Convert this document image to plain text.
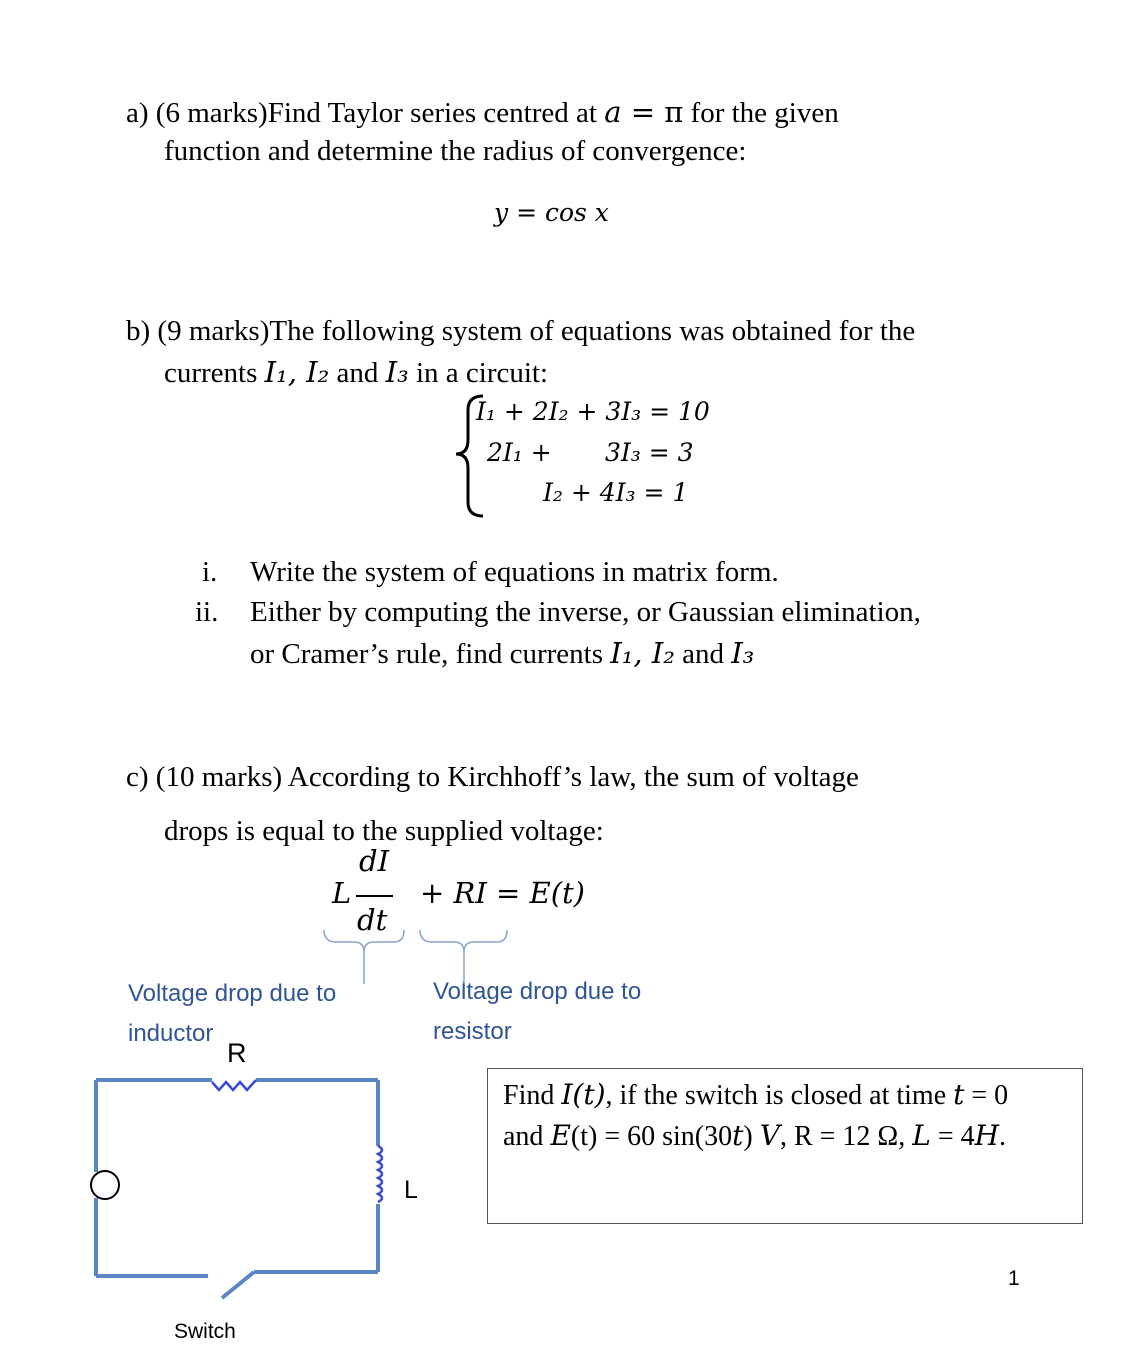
a) (6 marks)Find Taylor series centred at a = π for the given
function and determine the radius of convergence:
y = cos x
b) (9 marks)The following system of equations was obtained for the
currents I₁, I₂ and I₃ in a circuit:
I₁ + 2I₂ + 3I₃ = 10
2I₁ + 3I₃ = 3
I₂ + 4I₃ = 1
i. Write the system of equations in matrix form.
ii. Either by computing the inverse, or Gaussian elimination,
or Cramer’s rule, find currents I₁, I₂ and I₃
c) (10 marks) According to Kirchhoff’s law, the sum of voltage
drops is equal to the supplied voltage:
L
dI
dt
+ RI = E(t)
Voltage drop due to
inductor
Voltage drop due to
resistor
R
L
Switch
Find I(t), if the switch is closed at time t = 0
and E(t) = 60 sin(30t) V, R = 12 Ω, L = 4H.
1
